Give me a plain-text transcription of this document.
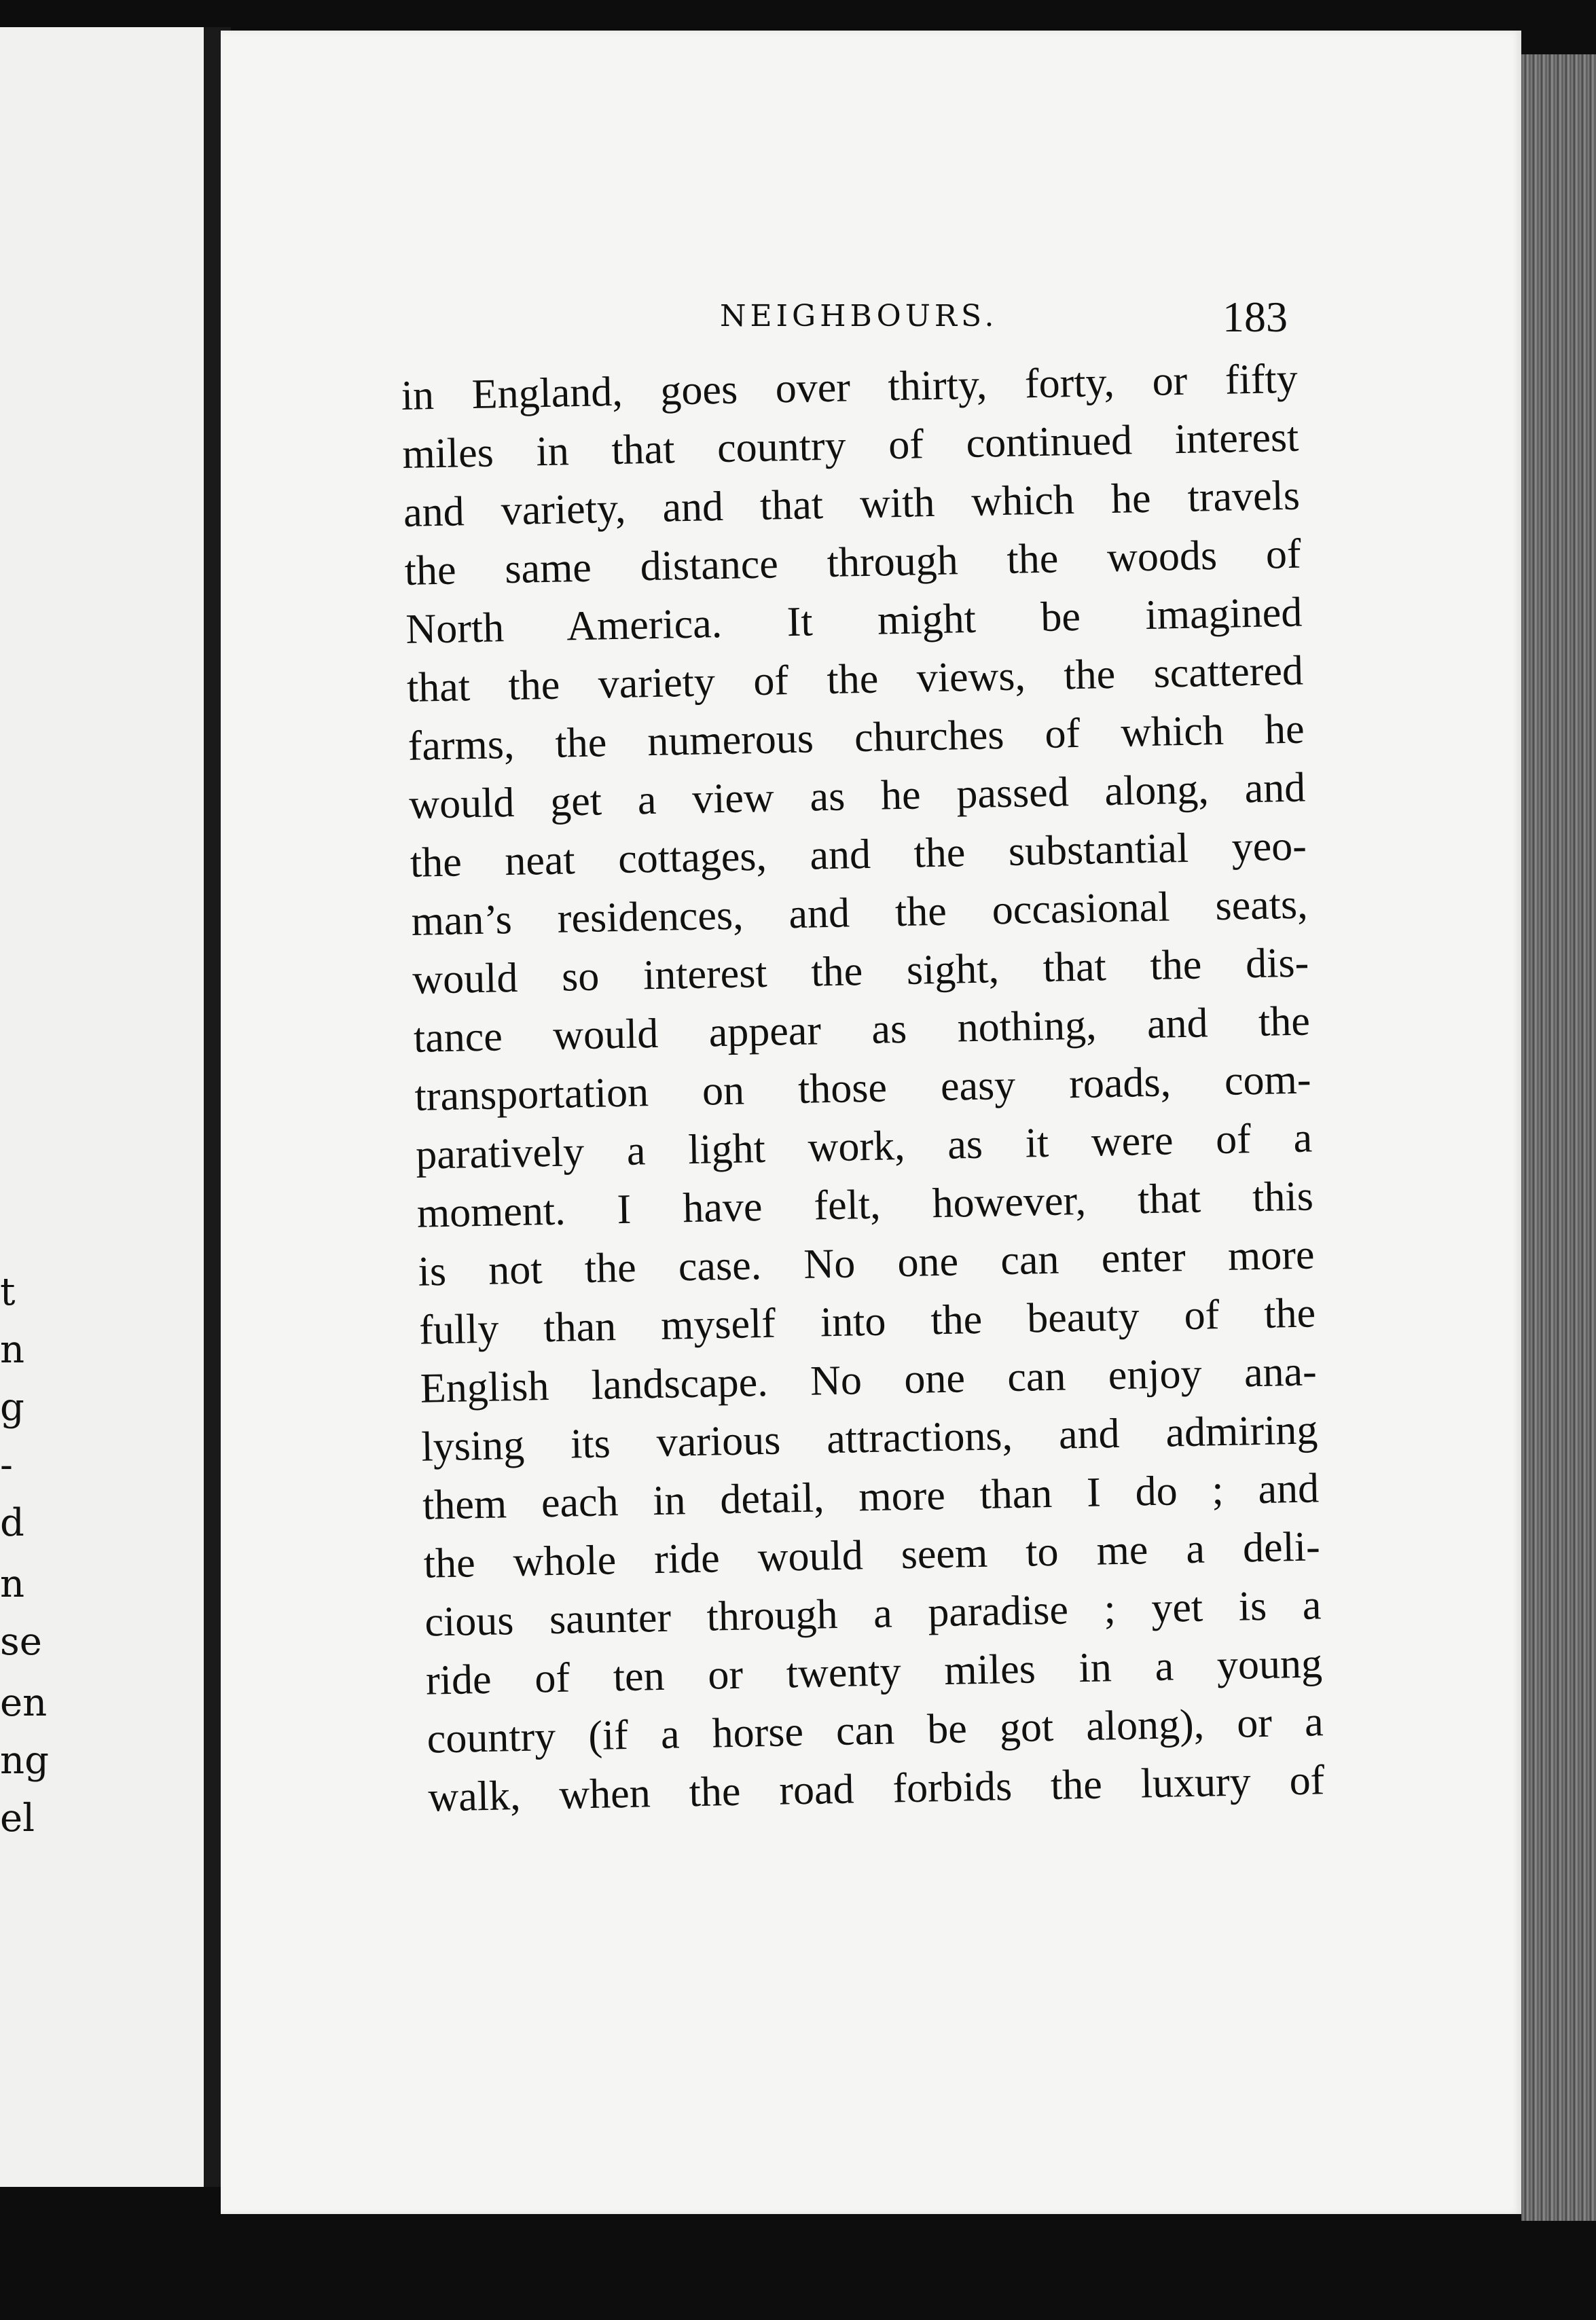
t
n
g
-
d
n
se
en
ng
el
NEIGHBOURS.	183
in England, goes over thirty, forty, or fifty
miles in that country of continued interest
and variety, and that with which he travels
the same distance through the woods of
North America. It might be imagined
that the variety of the views, the scattered
farms, the numerous churches of which he
would get a view as he passed along, and
the neat cottages, and the substantial yeo-
man’s residences, and the occasional seats,
would so interest the sight, that the dis-
tance would appear as nothing, and the
transportation on those easy roads, com-
paratively a light work, as it were of a
moment. I have felt, however, that this
is not the case. No one can enter more
fully than myself into the beauty of the
English landscape. No one can enjoy ana-
lysing its various attractions, and admiring
them each in detail, more than I do ; and
the whole ride would seem to me a deli-
cious saunter through a paradise ; yet is a
ride of ten or twenty miles in a young
country (if a horse can be got along), or a
walk, when the road forbids the luxury of
